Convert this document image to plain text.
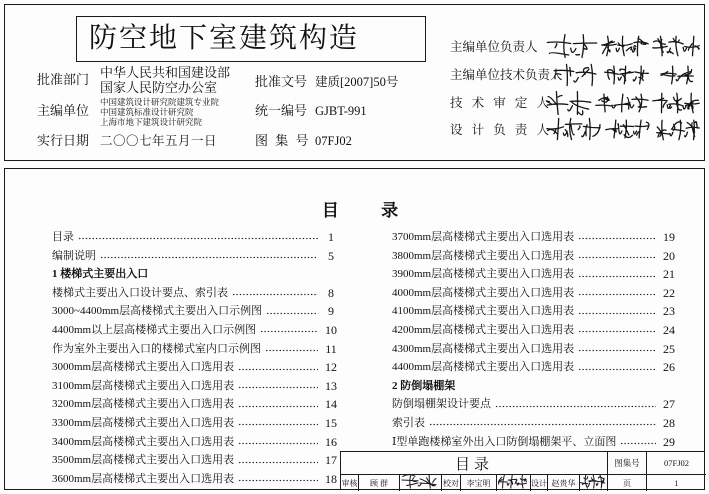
防空地下室建筑构造
批准部门 中华人民共和国建设部
国家人民防空办公室	批准文号 建质[2007]50号
主编单位
中国建筑设计研究院建筑专业院
中国建筑标准设计研究院
上海市地下建筑设计研究院
统一编号 GJBT-991
实行日期 二〇〇七年五月一日	图 集 号 07FJ02
主编单位负责人
主编单位技术负责人
技 术 审 定 人
设 计 负 责 人
目 录
目录	1
编制说明	5
1 楼梯式主要出入口
楼梯式主要出入口设计要点、索引表	8
3000~4400mm层高楼梯式主要出入口示例图	9
4400mm以上层高楼梯式主要出入口示例图	10
作为室外主要出入口的楼梯式室内口示例图	11
3000mm层高楼梯式主要出入口选用表	12
3100mm层高楼梯式主要出入口选用表	13
3200mm层高楼梯式主要出入口选用表	14
3300mm层高楼梯式主要出入口选用表	15
3400mm层高楼梯式主要出入口选用表	16
3500mm层高楼梯式主要出入口选用表	17
3600mm层高楼梯式主要出入口选用表	18
3700mm层高楼梯式主要出入口选用表	19
3800mm层高楼梯式主要出入口选用表	20
3900mm层高楼梯式主要出入口选用表	21
4000mm层高楼梯式主要出入口选用表	22
4100mm层高楼梯式主要出入口选用表	23
4200mm层高楼梯式主要出入口选用表	24
4300mm层高楼梯式主要出入口选用表	25
4400mm层高楼梯式主要出入口选用表	26
2 防倒塌棚架
防倒塌棚架设计要点	27
索引表	28
Ⅰ型单跑楼梯室外出入口防倒塌棚架平、立面图	29
目录	图集号	07FJ02
审核	顾 群	校对 李宝明	设计 赵贵华	页	1
